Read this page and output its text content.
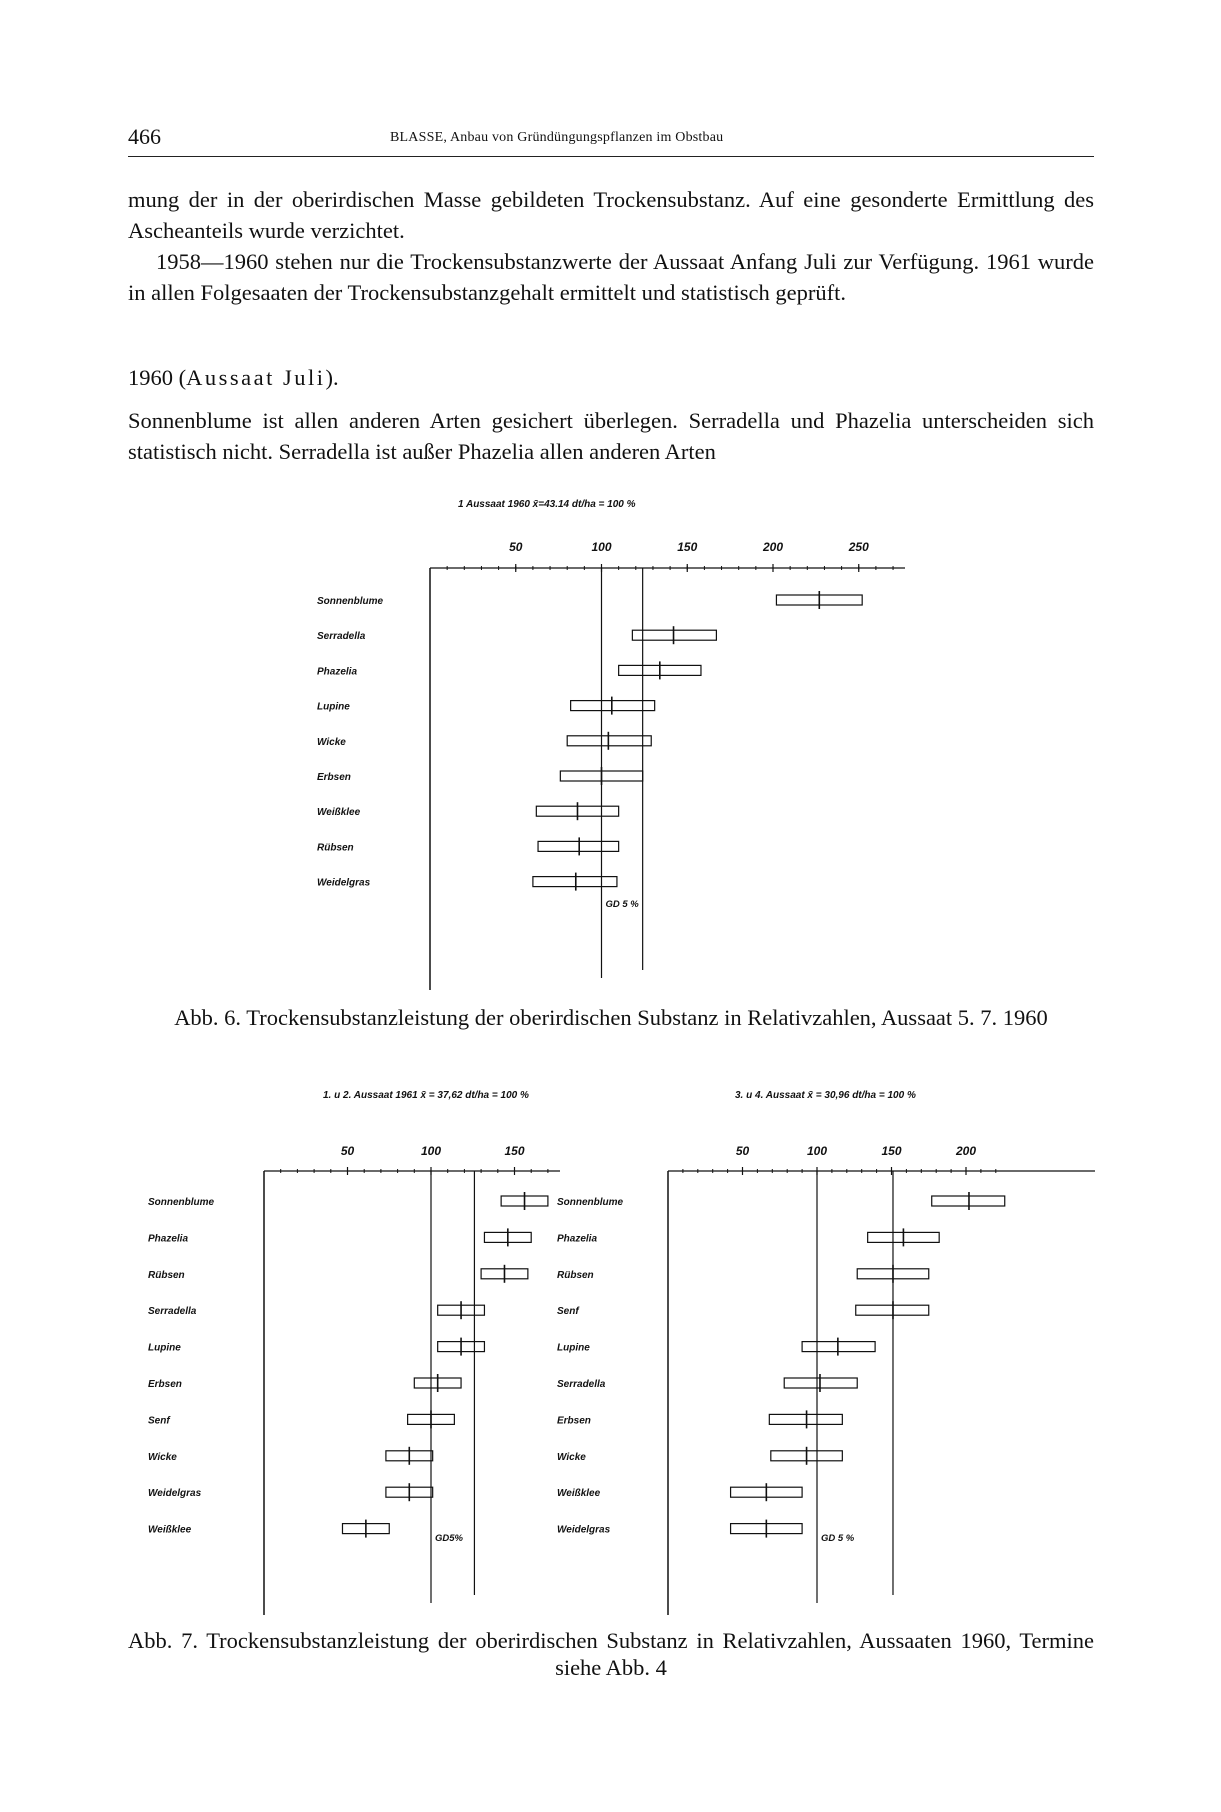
466	BLASSE, Anbau von Gründüngungspflanzen im Obstbau

mung der in der oberirdischen Masse gebildeten Trockensubstanz. Auf eine gesonderte Ermittlung des Ascheanteils wurde verzichtet.

1958—1960 stehen nur die Trockensubstanzwerte der Aussaat Anfang Juli zur Verfügung. 1961 wurde in allen Folgesaaten der Trockensubstanzgehalt ermittelt und statistisch geprüft.

1960 (Aussaat Juli).

Sonnenblume ist allen anderen Arten gesichert überlegen. Serradella und Phazelia unterscheiden sich statistisch nicht. Serradella ist außer Phazelia allen anderen Arten

1 Aussaat 1960 x̄=43.14 dt/ha = 100 %
50	100	150	200	250
GD 5 %
Sonnenblume
Serradella
Phazelia
Lupine
Wicke
Erbsen
Weißklee
Rübsen
Weidelgras
1. u 2. Aussaat 1961 x̄ = 37,62 dt/ha = 100 %
50	100	150
GD5%
Sonnenblume
Phazelia
Rübsen
Serradella
Lupine
Erbsen
Senf
Wicke
Weidelgras
Weißklee
3. u 4. Aussaat x̄ = 30,96 dt/ha = 100 %
50	100	150	200
GD 5 %
Sonnenblume
Phazelia
Rübsen
Senf
Lupine
Serradella
Erbsen
Wicke
Weißklee
Weidelgras
Abb. 6. Trockensubstanzleistung der oberirdischen Substanz in Relativzahlen, Aussaat 5. 7. 1960
Abb. 7. Trockensubstanzleistung der oberirdischen Substanz in Relativzahlen, Aussaaten 1960, Termine siehe Abb. 4
